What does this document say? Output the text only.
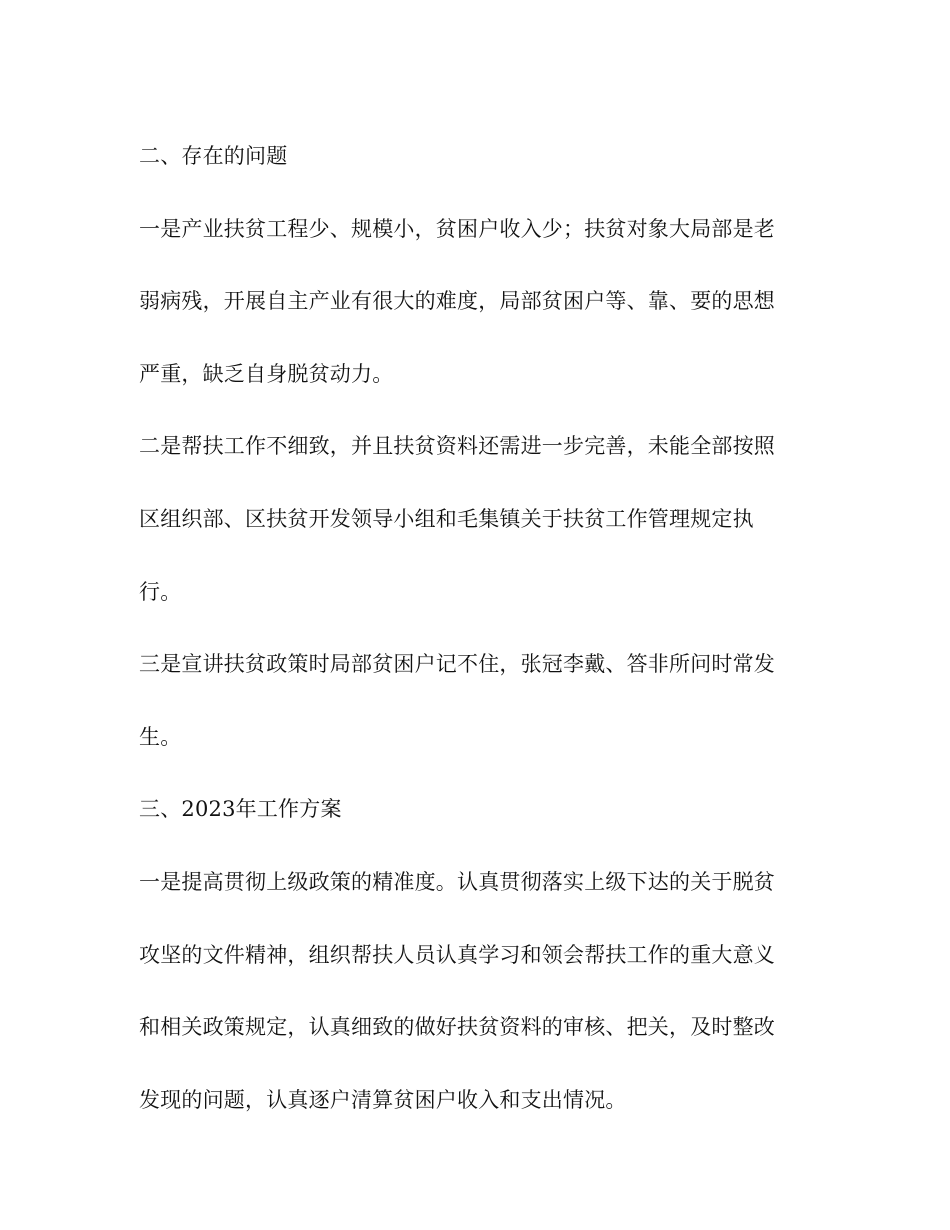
二、存在的问题
一是产业扶贫工程少、规模小，贫困户收入少；扶贫对象大局部是老
弱病残，开展自主产业有很大的难度，局部贫困户等、靠、要的思想
严重，缺乏自身脱贫动力。
二是帮扶工作不细致，并且扶贫资料还需进一步完善，未能全部按照
区组织部、区扶贫开发领导小组和毛集镇关于扶贫工作管理规定执
行。
三是宣讲扶贫政策时局部贫困户记不住，张冠李戴、答非所问时常发
生。
三、2023年工作方案
一是提高贯彻上级政策的精准度。认真贯彻落实上级下达的关于脱贫
攻坚的文件精神，组织帮扶人员认真学习和领会帮扶工作的重大意义
和相关政策规定，认真细致的做好扶贫资料的审核、把关，及时整改
发现的问题，认真逐户清算贫困户收入和支出情况。
